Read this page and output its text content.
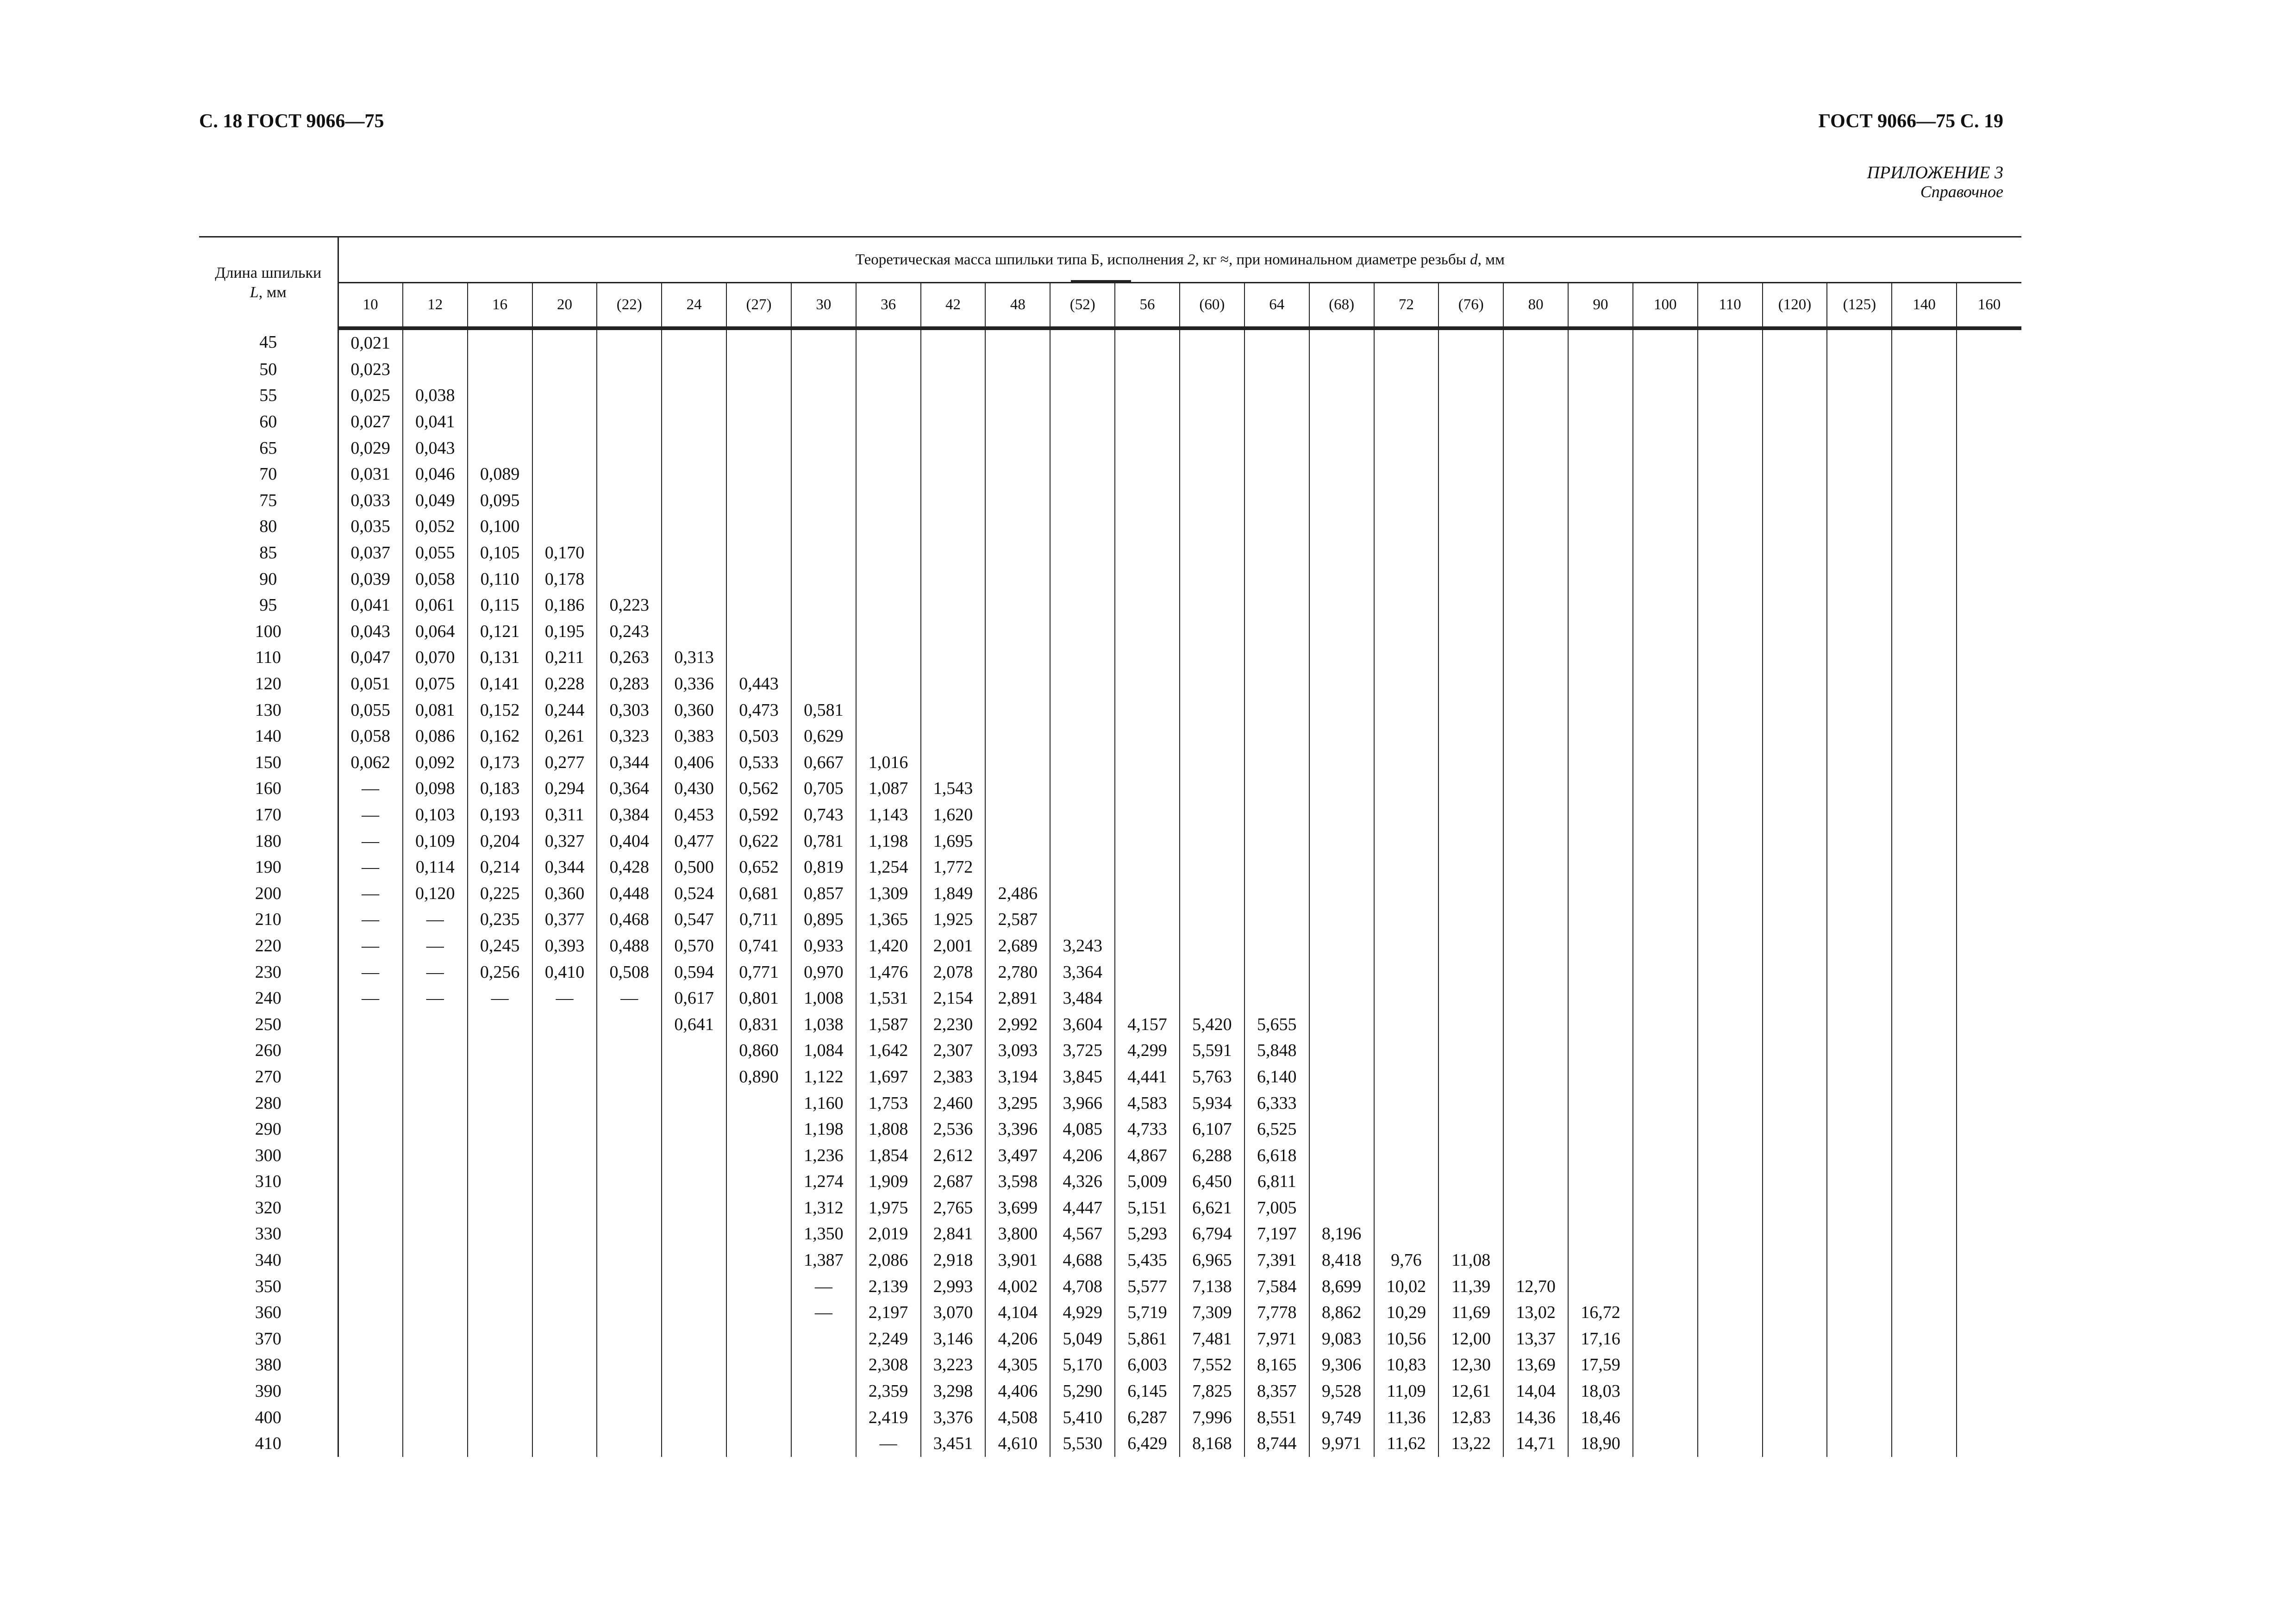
С. 18 ГОСТ 9066—75	ГОСТ 9066—75 С. 19
ПРИЛОЖЕНИЕ 3
Справочное
Длина шпильки
L, мм	Теоретическая масса шпильки типа Б, исполнения 2, кг ≈, при номинальном диаметре резьбы d, мм																									
	10	12	16	20	(22)	24	(27)	30	36	42	48	(52)	56	(60)	64	(68)	72	(76)	80	90	100	110	(120)	(125)	140	160
45	0,021																									
50	0,023																									
55	0,025	0,038																								
60	0,027	0,041																								
65	0,029	0,043																								
70	0,031	0,046	0,089																							
75	0,033	0,049	0,095																							
80	0,035	0,052	0,100																							
85	0,037	0,055	0,105	0,170																						
90	0,039	0,058	0,110	0,178																						
95	0,041	0,061	0,115	0,186	0,223																					
100	0,043	0,064	0,121	0,195	0,243																					
110	0,047	0,070	0,131	0,211	0,263	0,313																				
120	0,051	0,075	0,141	0,228	0,283	0,336	0,443																			
130	0,055	0,081	0,152	0,244	0,303	0,360	0,473	0,581																		
140	0,058	0,086	0,162	0,261	0,323	0,383	0,503	0,629																		
150	0,062	0,092	0,173	0,277	0,344	0,406	0,533	0,667	1,016																	
160	—	0,098	0,183	0,294	0,364	0,430	0,562	0,705	1,087	1,543																
170	—	0,103	0,193	0,311	0,384	0,453	0,592	0,743	1,143	1,620																
180	—	0,109	0,204	0,327	0,404	0,477	0,622	0,781	1,198	1,695																
190	—	0,114	0,214	0,344	0,428	0,500	0,652	0,819	1,254	1,772																
200	—	0,120	0,225	0,360	0,448	0,524	0,681	0,857	1,309	1,849	2,486															
210	—	—	0,235	0,377	0,468	0,547	0,711	0,895	1,365	1,925	2,587															
220	—	—	0,245	0,393	0,488	0,570	0,741	0,933	1,420	2,001	2,689	3,243														
230	—	—	0,256	0,410	0,508	0,594	0,771	0,970	1,476	2,078	2,780	3,364														
240	—	—	—	—	—	0,617	0,801	1,008	1,531	2,154	2,891	3,484														
250						0,641	0,831	1,038	1,587	2,230	2,992	3,604	4,157	5,420	5,655											
260							0,860	1,084	1,642	2,307	3,093	3,725	4,299	5,591	5,848											
270							0,890	1,122	1,697	2,383	3,194	3,845	4,441	5,763	6,140											
280								1,160	1,753	2,460	3,295	3,966	4,583	5,934	6,333											
290								1,198	1,808	2,536	3,396	4,085	4,733	6,107	6,525											
300								1,236	1,854	2,612	3,497	4,206	4,867	6,288	6,618											
310								1,274	1,909	2,687	3,598	4,326	5,009	6,450	6,811											
320								1,312	1,975	2,765	3,699	4,447	5,151	6,621	7,005											
330								1,350	2,019	2,841	3,800	4,567	5,293	6,794	7,197	8,196										
340								1,387	2,086	2,918	3,901	4,688	5,435	6,965	7,391	8,418	9,76	11,08								
350								—	2,139	2,993	4,002	4,708	5,577	7,138	7,584	8,699	10,02	11,39	12,70							
360								—	2,197	3,070	4,104	4,929	5,719	7,309	7,778	8,862	10,29	11,69	13,02	16,72						
370									2,249	3,146	4,206	5,049	5,861	7,481	7,971	9,083	10,56	12,00	13,37	17,16						
380									2,308	3,223	4,305	5,170	6,003	7,552	8,165	9,306	10,83	12,30	13,69	17,59						
390									2,359	3,298	4,406	5,290	6,145	7,825	8,357	9,528	11,09	12,61	14,04	18,03						
400									2,419	3,376	4,508	5,410	6,287	7,996	8,551	9,749	11,36	12,83	14,36	18,46						
410									—	3,451	4,610	5,530	6,429	8,168	8,744	9,971	11,62	13,22	14,71	18,90						
